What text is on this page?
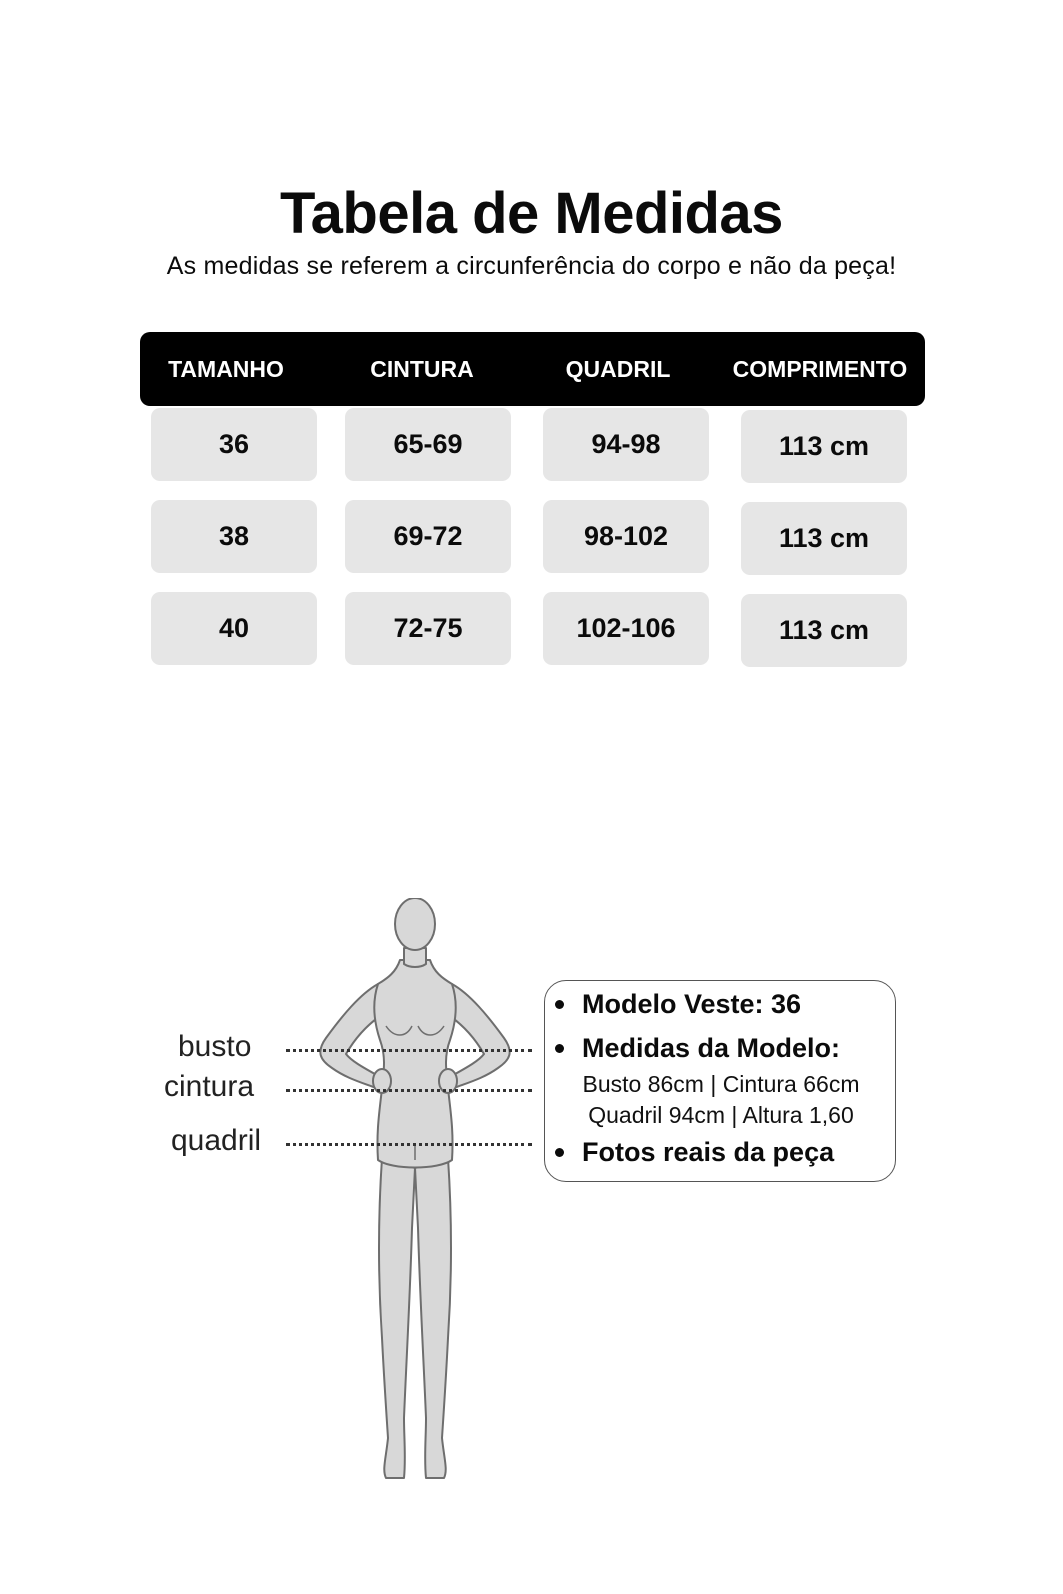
Tabela de Medidas
As medidas se referem a circunferência do corpo e não da peça!
TAMANHO	CINTURA	QUADRIL	COMPRIMENTO
36	65-69	94-98	113 cm
38	69-72	98-102	113 cm
40	72-75	102-106	113 cm
busto
cintura
quadril
Modelo Veste: 36
Medidas da Modelo:
Busto 86cm | Cintura 66cm
Quadril 94cm | Altura 1,60
Fotos reais da peça
